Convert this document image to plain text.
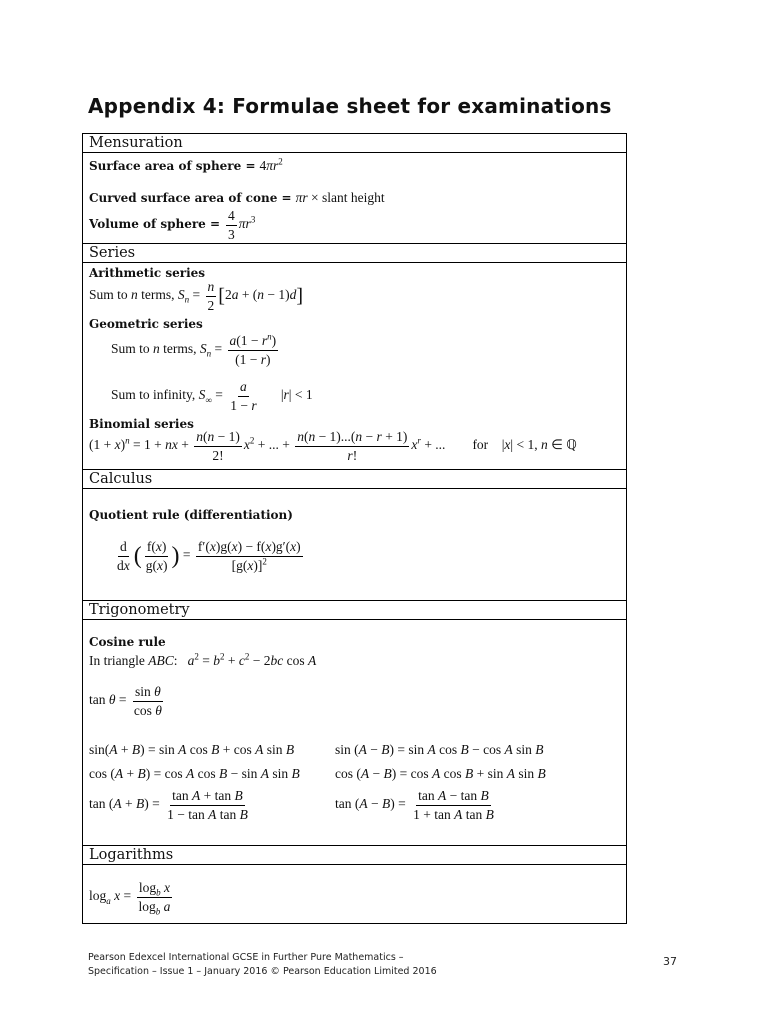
Appendix 4: Formulae sheet for examinations
Mensuration
Surface area of sphere = $4\pi r^2$
Curved surface area of cone = πr × slant height
Volume of sphere = $\frac{4}{3} \pi r^3$
Series
Arithmetic series
Sum to n terms, $S_n = \frac{n}{2} [2a + (n - 1)d]$
Geometric series
Sum to n terms, $S_n = \frac{a(1 - r^n)}{(1 - r)}$
Sum to infinity, $S_\infty = \frac{a}{1 - r} |r| < 1$
Binomial series
$(1 + x)^n = 1$ + nx + $\frac{n(n - 1)}{2!} x^2$ + ... + $\frac{n(n - 1)...(n - r + 1)}{r!} x^r$ + ...        for    |x| < 1, n ∈ ℚ
Calculus
Quotient rule (differentiation)
$\frac{d}{dx}$ ( $\frac{f(x)}{g(x)}$ ) = $\frac{f'(x)g(x) - f(x)g'(x)}{[g(x)]^2}$
Trigonometry
Cosine rule
In triangle ABC:   $a^2 = b^2 + c^2 - 2bc$ cos A
$\tan \theta = \frac{\text{sin θ}}{\text{cos θ}}$
sin(A + B) = sin A cos B + cos A sin B	sin (A − B) = sin A cos B − cos A sin B
cos (A + B) = cos A cos B − sin A sin B	cos (A − B) = cos A cos B + sin A sin B
$\tan (A + B) = \frac{\text{tan A + tan B}}{\text{1 − tan A tan B}}$	$\tan (A - B) = \frac{\text{tan A − tan B}}{\text{1 + tan A tan B}}$
Logarithms
$\log_a x = \frac{\log_b x}{\log_b a}$
Pearson Edexcel International GCSE in Further Pure Mathematics –
Specification – Issue 1 – January 2016 © Pearson Education Limited 2016
37
